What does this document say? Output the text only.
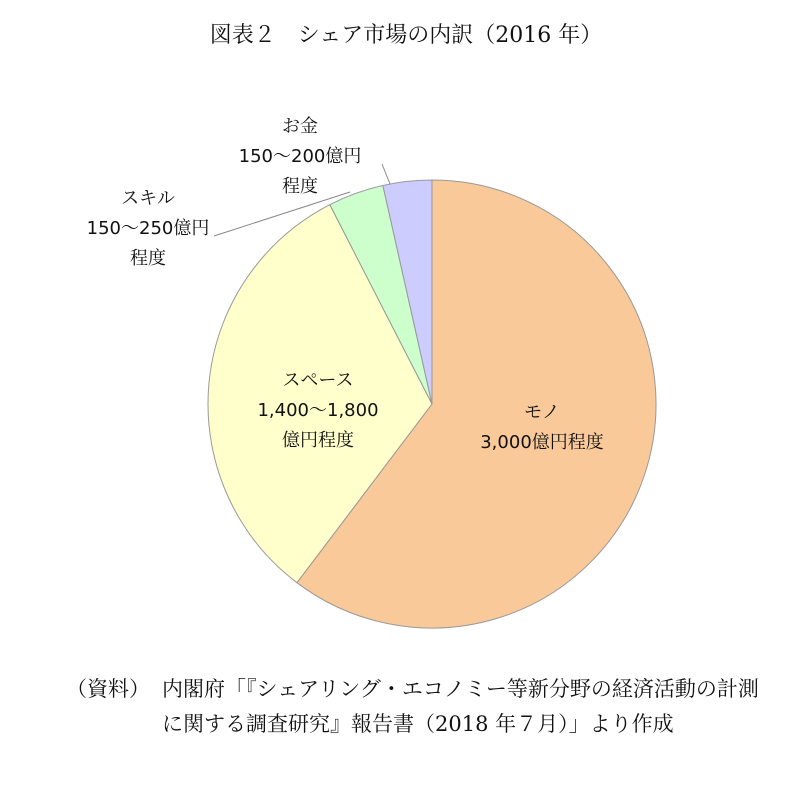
図表２　シェア市場の内訳（2016 年）
お金
150〜200億円
程度
スキル
150〜250億円
程度
スペース
1,400〜1,800
億円程度
モノ
3,000億円程度
（資料） 内閣府「『シェアリング・エコノミー等新分野の経済活動の計測に関する調査研究』報告書（2018 年７月）」より作成
